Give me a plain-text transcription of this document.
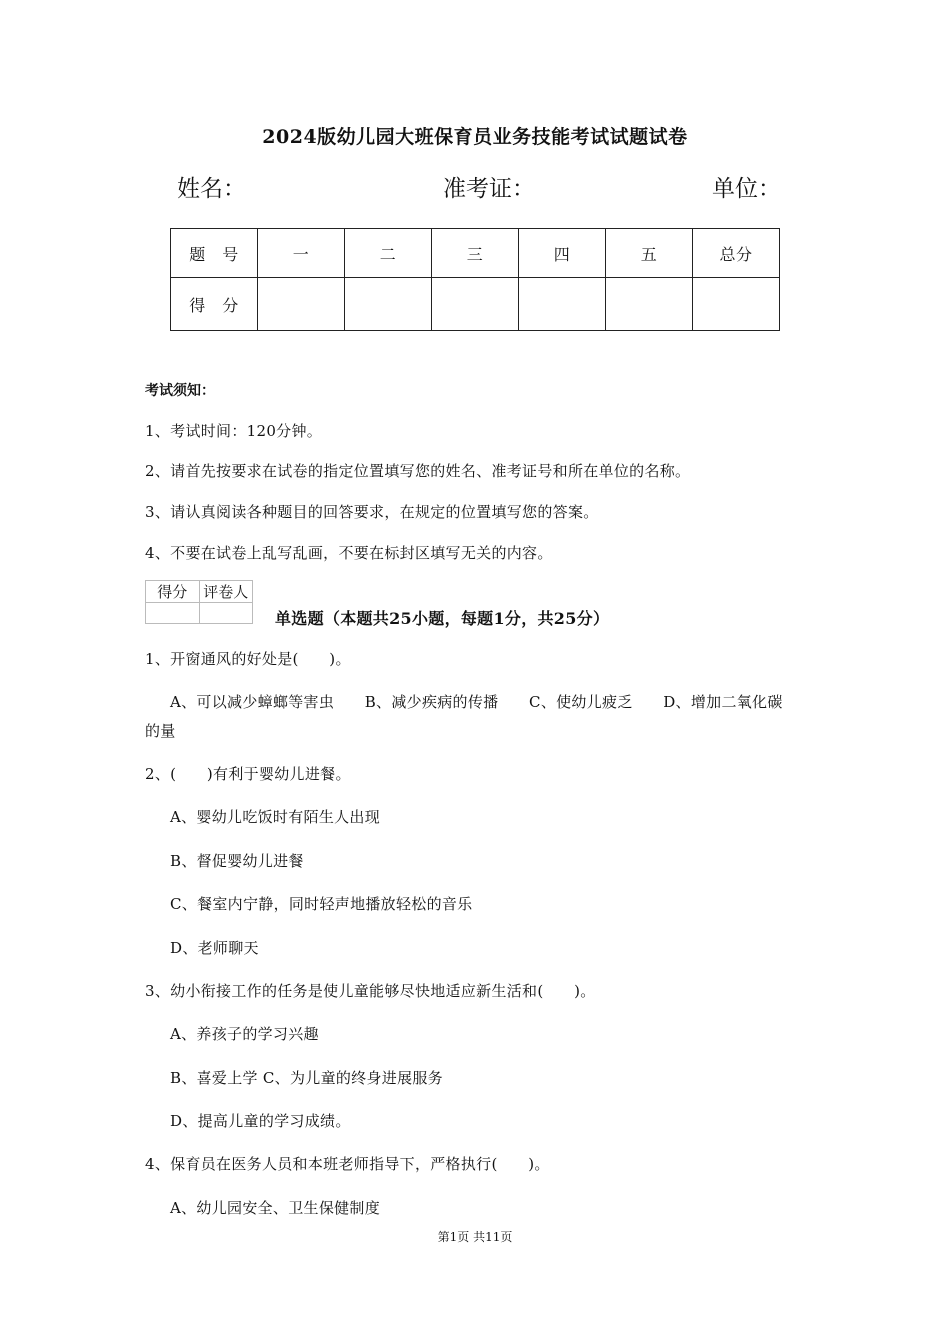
2024版幼儿园大班保育员业务技能考试试题试卷
姓名：	准考证：	单位：
题　号	一	二	三	四	五	总分
得　分						
考试须知：
1、考试时间：120分钟。
2、请首先按要求在试卷的指定位置填写您的姓名、准考证号和所在单位的名称。
3、请认真阅读各种题目的回答要求，在规定的位置填写您的答案。
4、不要在试卷上乱写乱画，不要在标封区填写无关的内容。
得分	评卷人

单选题（本题共25小题，每题1分，共25分）
1、开窗通风的好处是(　　)。
A、可以减少蟑螂等害虫　　B、减少疾病的传播　　C、使幼儿疲乏　　D、增加二氧化碳
的量
2、(　　)有利于婴幼儿进餐。
A、婴幼儿吃饭时有陌生人出现
B、督促婴幼儿进餐
C、餐室内宁静，同时轻声地播放轻松的音乐
D、老师聊天
3、幼小衔接工作的任务是使儿童能够尽快地适应新生活和(　　)。
A、养孩子的学习兴趣
B、喜爱上学 C、为儿童的终身进展服务
D、提高儿童的学习成绩。
4、保育员在医务人员和本班老师指导下，严格执行(　　)。
A、幼儿园安全、卫生保健制度
第1页 共11页
